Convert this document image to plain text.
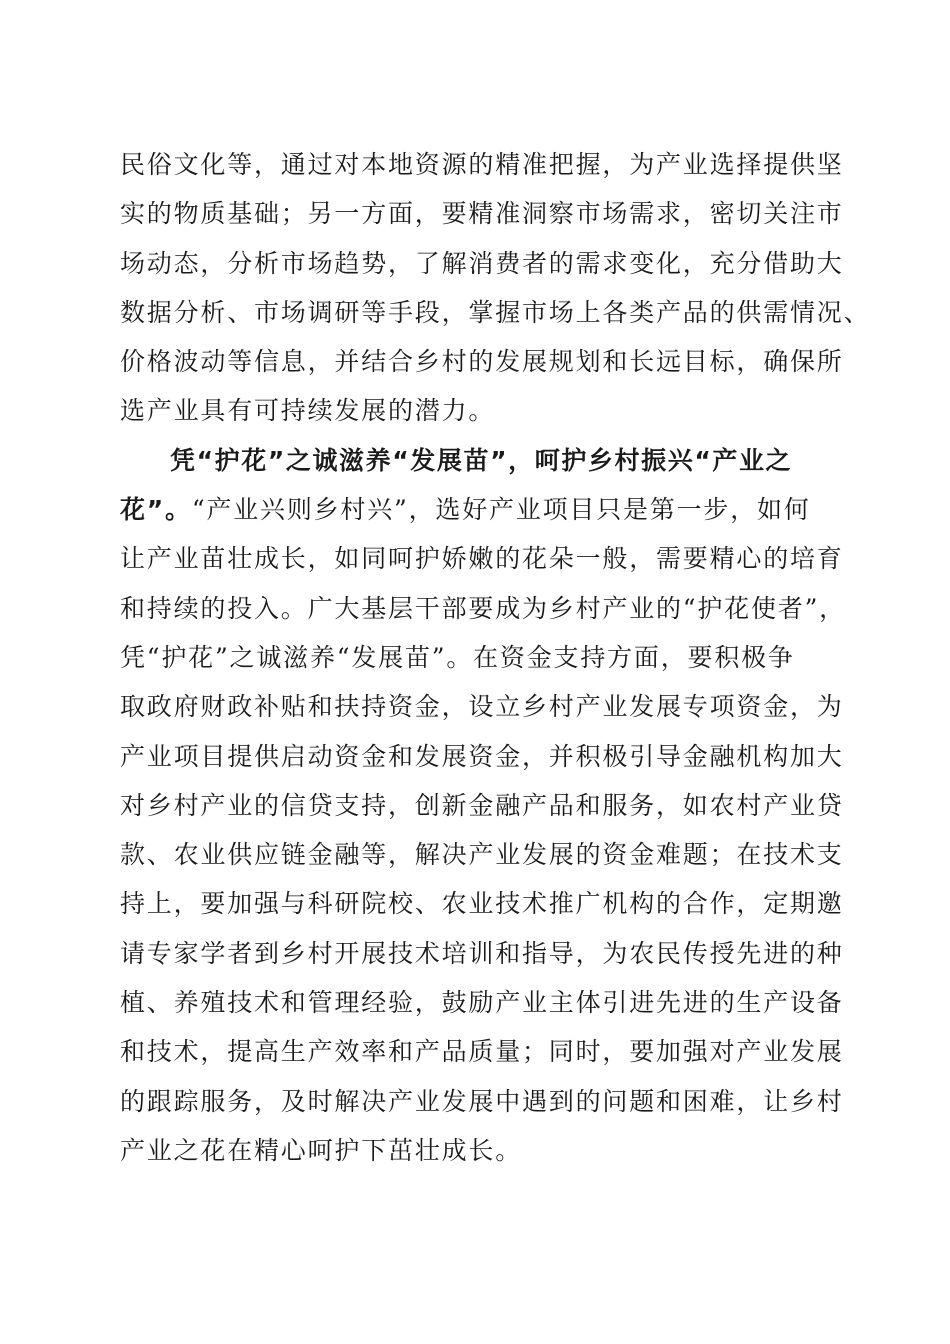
民俗文化等，通过对本地资源的精准把握，为产业选择提供坚
实的物质基础；另一方面，要精准洞察市场需求，密切关注市
场动态，分析市场趋势，了解消费者的需求变化，充分借助大
数据分析、市场调研等手段，掌握市场上各类产品的供需情况、
价格波动等信息，并结合乡村的发展规划和长远目标，确保所
选产业具有可持续发展的潜力。
凭“护花”之诚滋养“发展苗”，呵护乡村振兴“产业之
花”。“产业兴则乡村兴”，选好产业项目只是第一步，如何
让产业苗壮成长，如同呵护娇嫩的花朵一般，需要精心的培育
和持续的投入。广大基层干部要成为乡村产业的“护花使者”，
凭“护花”之诚滋养“发展苗”。在资金支持方面，要积极争
取政府财政补贴和扶持资金，设立乡村产业发展专项资金，为
产业项目提供启动资金和发展资金，并积极引导金融机构加大
对乡村产业的信贷支持，创新金融产品和服务，如农村产业贷
款、农业供应链金融等，解决产业发展的资金难题；在技术支
持上，要加强与科研院校、农业技术推广机构的合作，定期邀
请专家学者到乡村开展技术培训和指导，为农民传授先进的种
植、养殖技术和管理经验，鼓励产业主体引进先进的生产设备
和技术，提高生产效率和产品质量；同时，要加强对产业发展
的跟踪服务，及时解决产业发展中遇到的问题和困难，让乡村
产业之花在精心呵护下茁壮成长。
